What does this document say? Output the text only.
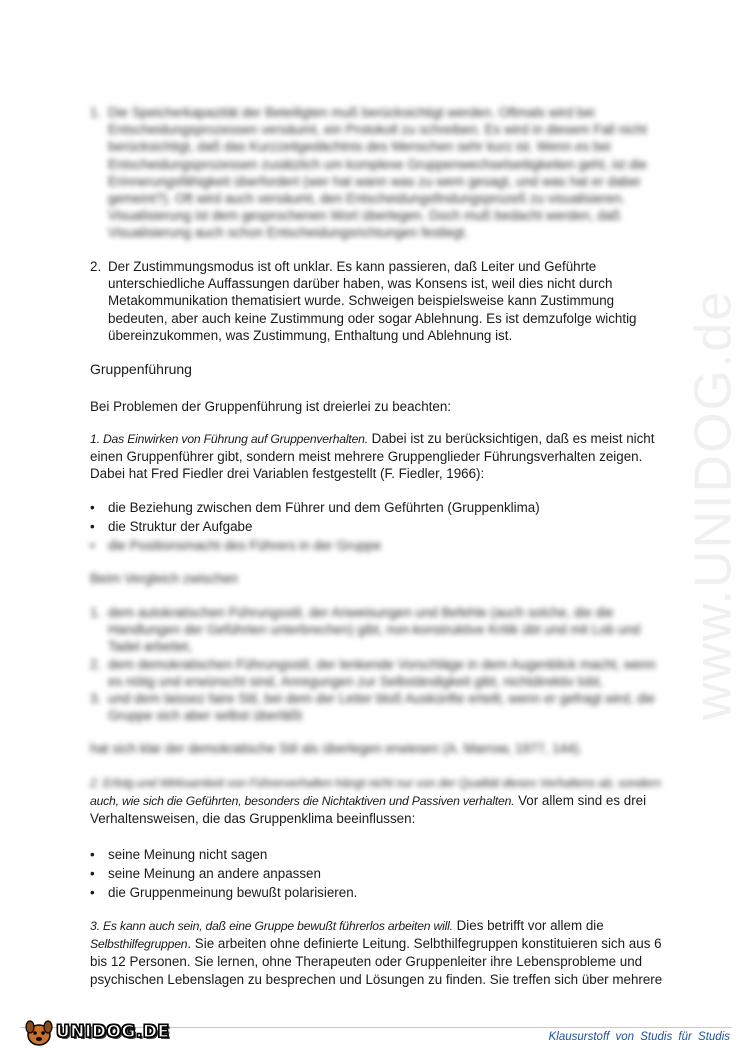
www.UNIDOG.de
1. Die Speicherkapazität der Beteiligten muß berücksichtigt werden. Oftmals wird bei Entscheidungsprozessen versäumt, ein Protokoll zu schreiben. Es wird in diesem Fall nicht berücksichtigt, daß das Kurzzeitgedächtnis des Menschen sehr kurz ist. Wenn es bei Entscheidungsprozessen zusätzlich um komplexe Gruppenwechselseitigkeiten geht, ist die Erinnerungsfähigkeit überfordert (wer hat wann was zu wem gesagt, und was hat er dabei gemeint?). Oft wird auch versäumt, den Entscheidungsfindungsprozeß zu visualisieren. Visualisierung ist dem gesprochenen Wort überlegen. Doch muß bedacht werden, daß Visualisierung auch schon Entscheidungsrichtungen festlegt.
2. Der Zustimmungsmodus ist oft unklar. Es kann passieren, daß Leiter und Geführte unterschiedliche Auffassungen darüber haben, was Konsens ist, weil dies nicht durch Metakommunikation thematisiert wurde. Schweigen beispielsweise kann Zustimmung bedeuten, aber auch keine Zustimmung oder sogar Ablehnung. Es ist demzufolge wichtig übereinzukommen, was Zustimmung, Enthaltung und Ablehnung ist.
Gruppenführung
Bei Problemen der Gruppenführung ist dreierlei zu beachten:
1. Das Einwirken von Führung auf Gruppenverhalten. Dabei ist zu berücksichtigen, daß es meist nicht einen Gruppenführer gibt, sondern meist mehrere Gruppenglieder Führungsverhalten zeigen. Dabei hat Fred Fiedler drei Variablen festgestellt (F. Fiedler, 1966):
• die Beziehung zwischen dem Führer und dem Geführten (Gruppenklima)
• die Struktur der Aufgabe
• die Positionsmacht des Führers in der Gruppe
Beim Vergleich zwischen
1. dem autokratischen Führungsstil, der Anweisungen und Befehle (auch solche, die die Handlungen der Geführten unterbrechen) gibt, non-konstruktive Kritik übt und mit Lob und Tadel arbeitet,
2. dem demokratischen Führungsstil, der lenkende Vorschläge in dem Augenblick macht, wenn es nötig und erwünscht sind, Anregungen zur Selbständigkeit gibt, nichtdirektiv lobt,
3. und dem laissez faire Stil, bei dem der Leiter bloß Auskünfte erteilt, wenn er gefragt wird, die Gruppe sich aber selbst überläßt
hat sich klar der demokratische Stil als überlegen erwiesen (A. Marrow, 1977, 144).
2. Erfolg und Wirksamkeit von Führerverhalten hängt nicht nur von der Qualität dieses Verhaltens ab, sondern
auch, wie sich die Geführten, besonders die Nichtaktiven und Passiven verhalten. Vor allem sind es drei Verhaltensweisen, die das Gruppenklima beeinflussen:
• seine Meinung nicht sagen
• seine Meinung an andere anpassen
• die Gruppenmeinung bewußt polarisieren.
3. Es kann auch sein, daß eine Gruppe bewußt führerlos arbeiten will. Dies betrifft vor allem die Selbsthilfegruppen. Sie arbeiten ohne definierte Leitung. Selbthilfegruppen konstituieren sich aus 6 bis 12 Personen. Sie lernen, ohne Therapeuten oder Gruppenleiter ihre Lebensprobleme und psychischen Lebenslagen zu besprechen und Lösungen zu finden. Sie treffen sich über mehrere
UNIDOG.DE	Klausurstoff von Studis für Studis
